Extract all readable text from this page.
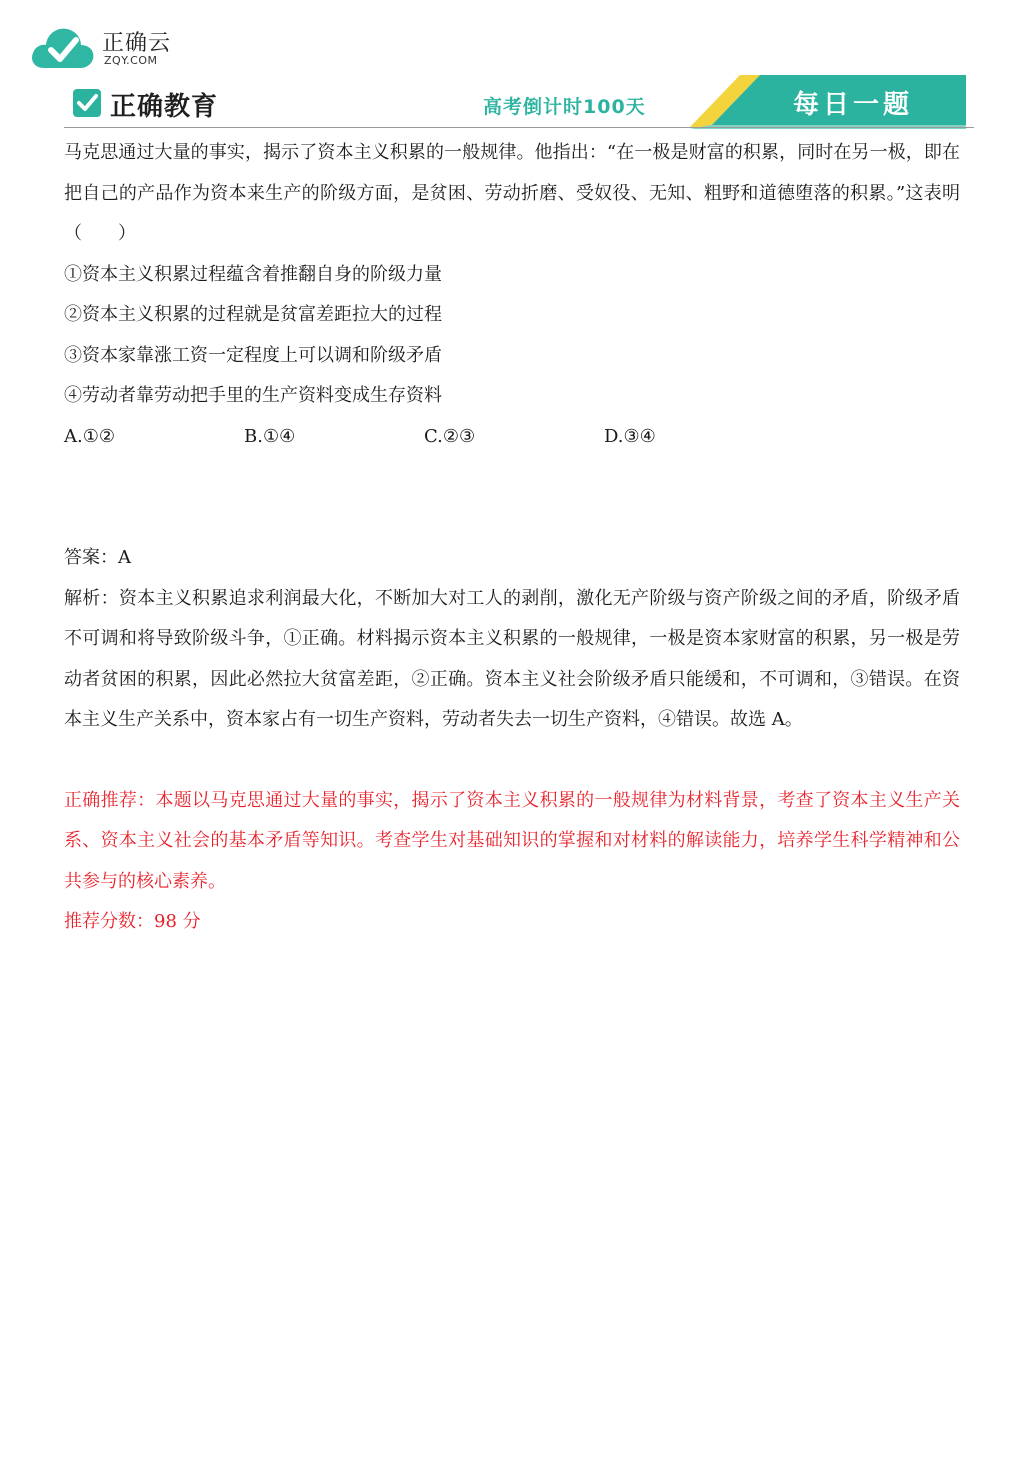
正确云
ZQY.COM
正确教育	高考倒计时100天	每日一题

马克思通过大量的事实，揭示了资本主义积累的一般规律。他指出：“在一极是财富的积累，同时在另一极，即在把自己的产品作为资本来生产的阶级方面，是贫困、劳动折磨、受奴役、无知、粗野和道德堕落的积累。”这表明（　　）

①资本主义积累过程蕴含着推翻自身的阶级力量

②资本主义积累的过程就是贫富差距拉大的过程

③资本家靠涨工资一定程度上可以调和阶级矛盾

④劳动者靠劳动把手里的生产资料变成生存资料

A.①②	B.①④	C.②③	D.③④

答案：A

解析：资本主义积累追求利润最大化，不断加大对工人的剥削，激化无产阶级与资产阶级之间的矛盾，阶级矛盾不可调和将导致阶级斗争，①正确。材料揭示资本主义积累的一般规律，一极是资本家财富的积累，另一极是劳动者贫困的积累，因此必然拉大贫富差距，②正确。资本主义社会阶级矛盾只能缓和，不可调和，③错误。在资本主义生产关系中，资本家占有一切生产资料，劳动者失去一切生产资料，④错误。故选 A。

正确推荐：本题以马克思通过大量的事实，揭示了资本主义积累的一般规律为材料背景，考查了资本主义生产关系、资本主义社会的基本矛盾等知识。考查学生对基础知识的掌握和对材料的解读能力，培养学生科学精神和公共参与的核心素养。

推荐分数：98 分
